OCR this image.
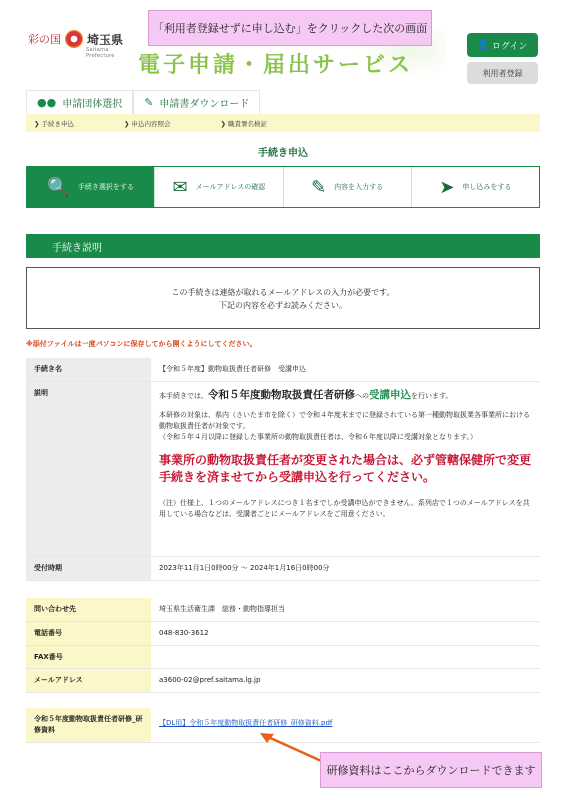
「利用者登録せずに申し込む」をクリックした次の画面
彩の国 埼玉県
Saitama Prefecture	電子申請・届出サービス
👤 ログイン
利用者登録
●● 申請団体選択 ✎ 申請書ダウンロード
❯ 手続き申込	❯ 申込内容照会	❯ 職責署名検証
手続き申込
🔍 手続き選択をする ✉ メールアドレスの確認	✎ 内容を入力する	➤ 申し込みをする
手続き説明
この手続きは連絡が取れるメールアドレスの入力が必要です。
下記の内容を必ずお読みください。
※添付ファイルは一度パソコンに保存してから開くようにしてください。
手続き名	【令和５年度】動物取扱責任者研修　受講申込
説明	本手続きでは、令和５年度動物取扱責任者研修への受講申込を行います。
本研修の対象は、県内（さいたま市を除く）で令和４年度末までに登録されている第一種動物取扱業各事業所における動物取扱責任者が対象です。
（令和５年４月以降に登録した事業所の動物取扱責任者は、令和６年度以降に受講対象となります。）
事業所の動物取扱責任者が変更された場合は、必ず管轄保健所で変更手続きを済ませてから受講申込を行ってください。
（注）仕様上、１つのメールアドレスにつき１名までしか受講申込ができません。系列店で１つのメールアドレスを共用している場合などは、受講者ごとにメールアドレスをご用意ください。

受付時期	2023年11月1日0時00分 〜 2024年1月16日0時00分
問い合わせ先	埼玉県生活衛生課　総務・動物指導担当
電話番号	048-830-3612
FAX番号	
メールアドレス	a3600-02@pref.saitama.lg.jp
令和５年度動物取扱責任者研修_研修資料	【DL用】令和５年度動物取扱責任者研修_研修資料.pdf
研修資料はここからダウンロードできます
